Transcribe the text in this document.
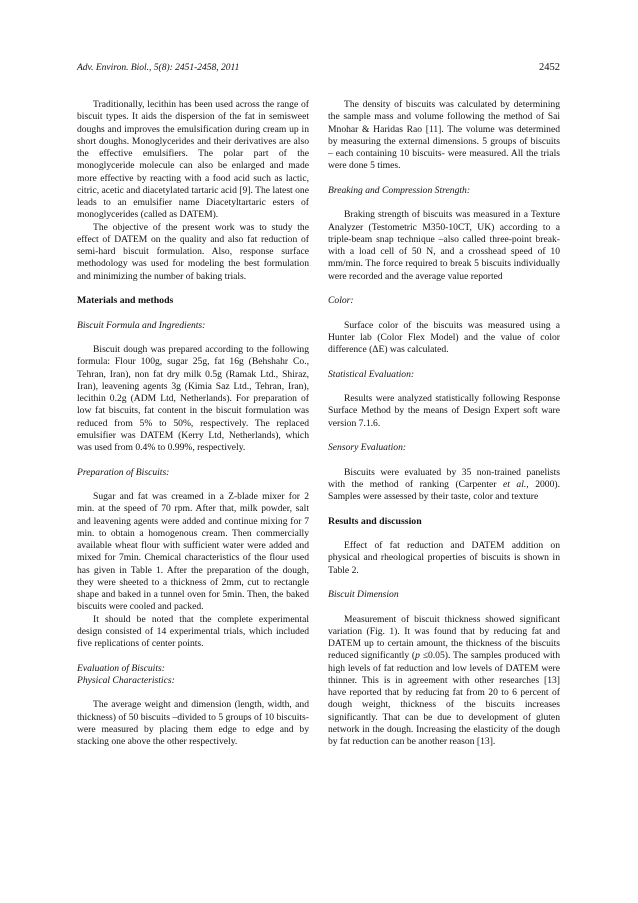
Adv. Environ. Biol., 5(8): 2451-2458, 2011	2452

Traditionally, lecithin has been used across the range of biscuit types. It aids the dispersion of the fat in semisweet doughs and improves the emulsification during cream up in short doughs. Monoglycerides and their derivatives are also the effective emulsifiers. The polar part of the monoglyceride molecule can also be enlarged and made more effective by reacting with a food acid such as lactic, citric, acetic and diacetylated tartaric acid [9]. The latest one leads to an emulsifier name Diacetyltartaric esters of monoglycerides (called as DATEM).

The objective of the present work was to study the effect of DATEM on the quality and also fat reduction of semi-hard biscuit formulation. Also, response surface methodology was used for modeling the best formulation and minimizing the number of baking trials.

Materials and methods
Biscuit Formula and Ingredients:

Biscuit dough was prepared according to the following formula: Flour 100g, sugar 25g, fat 16g (Behshahr Co., Tehran, Iran), non fat dry milk 0.5g (Ramak Ltd., Shiraz, Iran), leavening agents 3g (Kimia Saz Ltd., Tehran, Iran), lecithin 0.2g (ADM Ltd, Netherlands). For preparation of low fat biscuits, fat content in the biscuit formulation was reduced from 5% to 50%, respectively. The replaced emulsifier was DATEM (Kerry Ltd, Netherlands), which was used from 0.4% to 0.99%, respectively.

Preparation of Biscuits:

Sugar and fat was creamed in a Z-blade mixer for 2 min. at the speed of 70 rpm. After that, milk powder, salt and leavening agents were added and continue mixing for 7 min. to obtain a homogenous cream. Then commercially available wheat flour with sufficient water were added and mixed for 7min. Chemical characteristics of the flour used has given in Table 1. After the preparation of the dough, they were sheeted to a thickness of 2mm, cut to rectangle shape and baked in a tunnel oven for 5min. Then, the baked biscuits were cooled and packed.

It should be noted that the complete experimental design consisted of 14 experimental trials, which included five replications of center points.

Evaluation of Biscuits:
Physical Characteristics:

The average weight and dimension (length, width, and thickness) of 50 biscuits –divided to 5 groups of 10 biscuits- were measured by placing them edge to edge and by stacking one above the other respectively.

The density of biscuits was calculated by determining the sample mass and volume following the method of Sai Mnohar & Haridas Rao [11]. The volume was determined by measuring the external dimensions. 5 groups of biscuits – each containing 10 biscuits- were measured. All the trials were done 5 times.

Breaking and Compression Strength:

Braking strength of biscuits was measured in a Texture Analyzer (Testometric M350-10CT, UK) according to a triple-beam snap technique –also called three-point break- with a load cell of 50 N, and a crosshead speed of 10 mm/min. The force required to break 5 biscuits individually were recorded and the average value reported

Color:

Surface color of the biscuits was measured using a Hunter lab (Color Flex Model) and the value of color difference (ΔE) was calculated.

Statistical Evaluation:

Results were analyzed statistically following Response Surface Method by the means of Design Expert soft ware version 7.1.6.

Sensory Evaluation:

Biscuits were evaluated by 35 non-trained panelists with the method of ranking (Carpenter et al., 2000). Samples were assessed by their taste, color and texture

Results and discussion

Effect of fat reduction and DATEM addition on physical and rheological properties of biscuits is shown in Table 2.

Biscuit Dimension

Measurement of biscuit thickness showed significant variation (Fig. 1). It was found that by reducing fat and DATEM up to certain amount, the thickness of the biscuits reduced significantly (p ≤0.05). The samples produced with high levels of fat reduction and low levels of DATEM were thinner. This is in agreement with other researches [13] have reported that by reducing fat from 20 to 6 percent of dough weight, thickness of the biscuits increases significantly. That can be due to development of gluten network in the dough. Increasing the elasticity of the dough by fat reduction can be another reason [13].
